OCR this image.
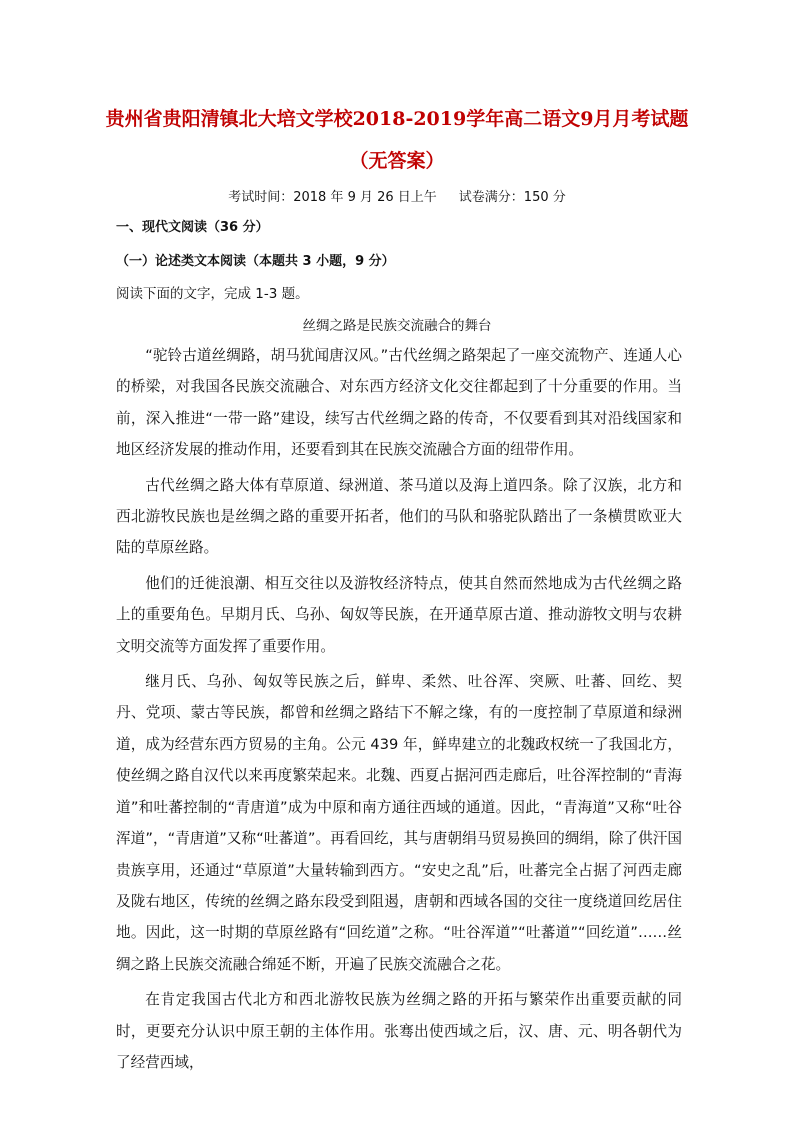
贵州省贵阳清镇北大培文学校2018-2019学年高二语文9月月考试题
（无答案）
考试时间：2018 年 9 月 26 日上午 试卷满分：150 分
一、现代文阅读（36 分）
（一）论述类文本阅读（本题共 3 小题，9 分）
阅读下面的文字，完成 1-3 题。
丝绸之路是民族交流融合的舞台

“驼铃古道丝绸路，胡马犹闻唐汉风。”古代丝绸之路架起了一座交流物产、连通人心的桥梁，对我国各民族交流融合、对东西方经济文化交往都起到了十分重要的作用。当前，深入推进“一带一路”建设，续写古代丝绸之路的传奇，不仅要看到其对沿线国家和地区经济发展的推动作用，还要看到其在民族交流融合方面的纽带作用。

古代丝绸之路大体有草原道、绿洲道、茶马道以及海上道四条。除了汉族，北方和西北游牧民族也是丝绸之路的重要开拓者，他们的马队和骆驼队踏出了一条横贯欧亚大陆的草原丝路。

他们的迁徙浪潮、相互交往以及游牧经济特点，使其自然而然地成为古代丝绸之路上的重要角色。早期月氏、乌孙、匈奴等民族，在开通草原古道、推动游牧文明与农耕文明交流等方面发挥了重要作用。

继月氏、乌孙、匈奴等民族之后，鲜卑、柔然、吐谷浑、突厥、吐蕃、回纥、契丹、党项、蒙古等民族，都曾和丝绸之路结下不解之缘，有的一度控制了草原道和绿洲道，成为经营东西方贸易的主角。公元 439 年，鲜卑建立的北魏政权统一了我国北方，使丝绸之路自汉代以来再度繁荣起来。北魏、西夏占据河西走廊后，吐谷浑控制的“青海道”和吐蕃控制的“青唐道”成为中原和南方通往西域的通道。因此，“青海道”又称“吐谷浑道”，“青唐道”又称“吐蕃道”。再看回纥，其与唐朝绢马贸易换回的绸绢，除了供汗国贵族享用，还通过“草原道”大量转输到西方。“安史之乱”后，吐蕃完全占据了河西走廊及陇右地区，传统的丝绸之路东段受到阻遏，唐朝和西域各国的交往一度绕道回纥居住地。因此，这一时期的草原丝路有“回纥道”之称。“吐谷浑道”“吐蕃道”“回纥道”……丝绸之路上民族交流融合绵延不断，开遍了民族交流融合之花。

在肯定我国古代北方和西北游牧民族为丝绸之路的开拓与繁荣作出重要贡献的同时，更要充分认识中原王朝的主体作用。张骞出使西域之后，汉、唐、元、明各朝代为了经营西域，
